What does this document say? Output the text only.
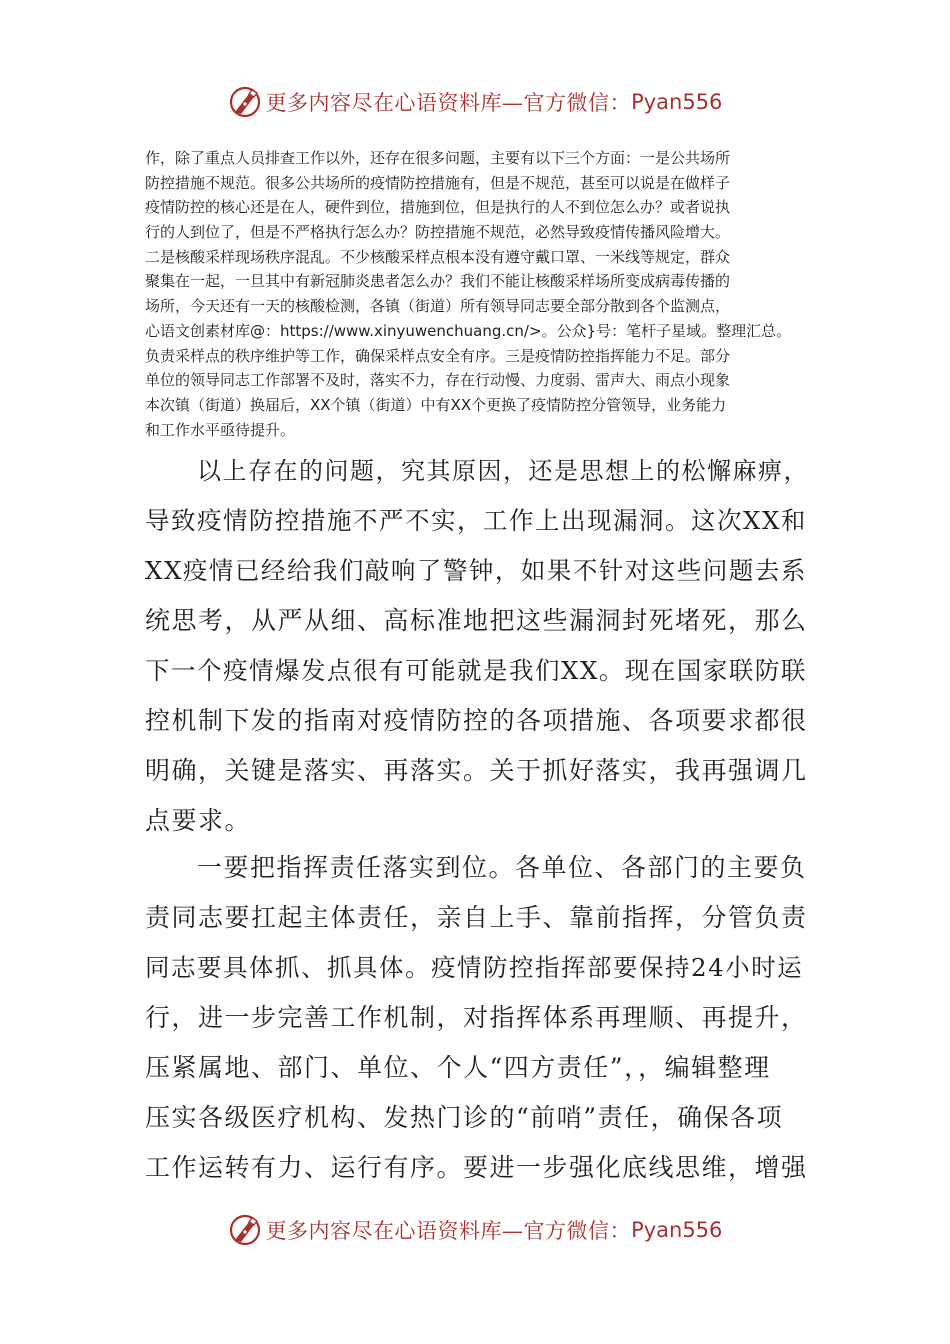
更多内容尽在心语资料库—官方微信： Pyan556
作，除了重点人员排查工作以外，还存在很多问题，主要有以下三个方面：一是公共场所
防控措施不规范。很多公共场所的疫情防控措施有，但是不规范，甚至可以说是在做样子
疫情防控的核心还是在人，硬件到位，措施到位，但是执行的人不到位怎么办？或者说执
行的人到位了，但是不严格执行怎么办？防控措施不规范，必然导致疫情传播风险增大。
二是核酸采样现场秩序混乱。不少核酸采样点根本没有遵守戴口罩、一米线等规定，群众
聚集在一起，一旦其中有新冠肺炎患者怎么办？我们不能让核酸采样场所变成病毒传播的
场所，今天还有一天的核酸检测，各镇（街道）所有领导同志要全部分散到各个监测点，
心语文创素材库@：https://www.xinyuwenchuang.cn/>。公众}号：笔杆子星域。整理汇总。
负责采样点的秩序维护等工作，确保采样点安全有序。三是疫情防控指挥能力不足。部分
单位的领导同志工作部署不及时，落实不力，存在行动慢、力度弱、雷声大、雨点小现象
本次镇（街道）换届后，XX个镇（街道）中有XX个更换了疫情防控分管领导，业务能力
和工作水平亟待提升。
以上存在的问题，究其原因，还是思想上的松懈麻痹，
导致疫情防控措施不严不实，工作上出现漏洞。这次XX和
XX疫情已经给我们敲响了警钟，如果不针对这些问题去系
统思考，从严从细、高标准地把这些漏洞封死堵死，那么
下一个疫情爆发点很有可能就是我们XX。现在国家联防联
控机制下发的指南对疫情防控的各项措施、各项要求都很
明确，关键是落实、再落实。关于抓好落实，我再强调几
点要求。
一要把指挥责任落实到位。各单位、各部门的主要负
责同志要扛起主体责任，亲自上手、靠前指挥，分管负责
同志要具体抓、抓具体。疫情防控指挥部要保持24小时运
行，进一步完善工作机制，对指挥体系再理顺、再提升，
压紧属地、部门、单位、个人“四方责任”，，编辑整理
压实各级医疗机构、发热门诊的“前哨”责任，确保各项
工作运转有力、运行有序。要进一步强化底线思维，增强
更多内容尽在心语资料库—官方微信： Pyan556
